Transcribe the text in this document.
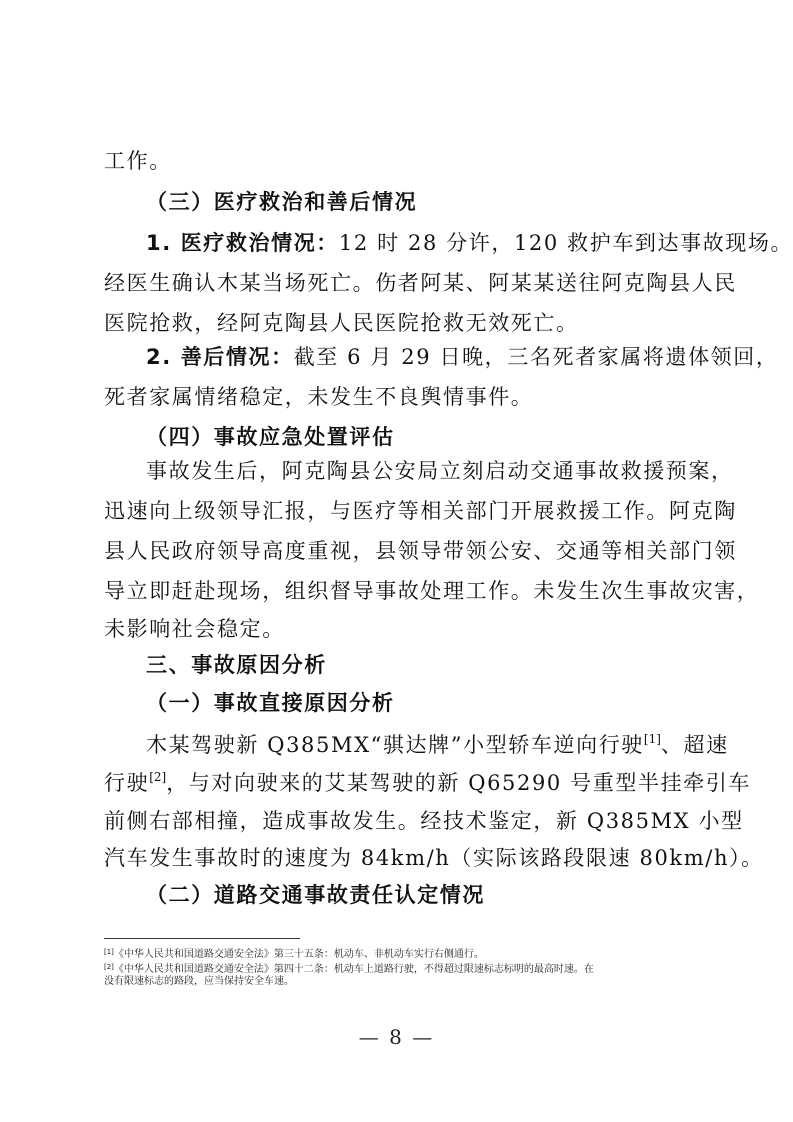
工作。
（三）医疗救治和善后情况
1. 医疗救治情况：12 时 28 分许，120 救护车到达事故现场。
经医生确认木某当场死亡。伤者阿某、阿某某送往阿克陶县人民
医院抢救，经阿克陶县人民医院抢救无效死亡。
2. 善后情况：截至 6 月 29 日晚，三名死者家属将遗体领回，
死者家属情绪稳定，未发生不良舆情事件。
（四）事故应急处置评估
事故发生后，阿克陶县公安局立刻启动交通事故救援预案，
迅速向上级领导汇报，与医疗等相关部门开展救援工作。阿克陶
县人民政府领导高度重视，县领导带领公安、交通等相关部门领
导立即赶赴现场，组织督导事故处理工作。未发生次生事故灾害，
未影响社会稳定。
三、事故原因分析
（一）事故直接原因分析
木某驾驶新 Q385MX“骐达牌”小型轿车逆向行驶[1]、超速
行驶[2]，与对向驶来的艾某驾驶的新 Q65290 号重型半挂牵引车
前侧右部相撞，造成事故发生。经技术鉴定，新 Q385MX 小型
汽车发生事故时的速度为 84km/h（实际该路段限速 80km/h）。
（二）道路交通事故责任认定情况
[1]《中华人民共和国道路交通安全法》第三十五条：机动车、非机动车实行右侧通行。
[2]《中华人民共和国道路交通安全法》第四十二条：机动车上道路行驶，不得超过限速标志标明的最高时速。在
没有限速标志的路段，应当保持安全车速。
— 8 —
